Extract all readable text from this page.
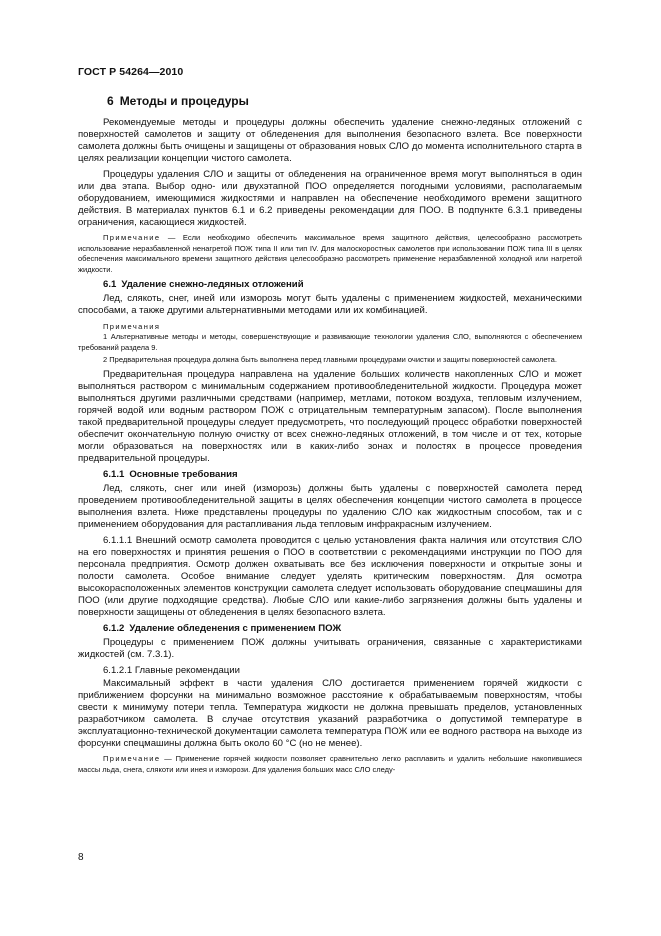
ГОСТ Р 54264—2010
6 Методы и процедуры

Рекомендуемые методы и процедуры должны обеспечить удаление снежно-ледяных отложений с поверхностей самолетов и защиту от обледенения для выполнения безопасного взлета. Все поверхности самолета должны быть очищены и защищены от образования новых СЛО до момента исполнительного старта в целях реализации концепции чистого самолета.

Процедуры удаления СЛО и защиты от обледенения на ограниченное время могут выполняться в один или два этапа. Выбор одно- или двухэтапной ПОО определяется погодными условиями, располагаемым оборудованием, имеющимися жидкостями и направлен на обеспечение необходимого времени защитного действия. В материалах пунктов 6.1 и 6.2 приведены рекомендации для ПОО. В подпункте 6.3.1 приведены ограничения, касающиеся жидкостей.

Примечание — Если необходимо обеспечить максимальное время защитного действия, целесообразно рассмотреть использование неразбавленной ненагретой ПОЖ типа II или тип IV. Для малоскоростных самолетов при использовании ПОЖ типа III в целях обеспечения максимального времени защитного действия целесообразно рассмотреть применение неразбавленной холодной или нагретой жидкости.

6.1 Удаление снежно-ледяных отложений

Лед, слякоть, снег, иней или изморозь могут быть удалены с применением жидкостей, механическими способами, а также другими альтернативными методами или их комбинацией.

Примечания

1 Альтернативные методы и методы, совершенствующие и развивающие технологии удаления СЛО, выполняются с обеспечением требований раздела 9.

2 Предварительная процедура должна быть выполнена перед главными процедурами очистки и защиты поверхностей самолета.

Предварительная процедура направлена на удаление больших количеств накопленных СЛО и может выполняться раствором с минимальным содержанием противообледенительной жидкости. Процедура может выполняться другими различными средствами (например, метлами, потоком воздуха, тепловым излучением, горячей водой или водным раствором ПОЖ с отрицательным температурным запасом). После выполнения такой предварительной процедуры следует предусмотреть, что последующий процесс обработки поверхностей обеспечит окончательную полную очистку от всех снежно-ледяных отложений, в том числе и от тех, которые могли образоваться на поверхностях или в каких-либо зонах и полостях в процессе проведения предварительной процедуры.

6.1.1 Основные требования

Лед, слякоть, снег или иней (изморозь) должны быть удалены с поверхностей самолета перед проведением противообледенительной защиты в целях обеспечения концепции чистого самолета в процессе выполнения взлета. Ниже представлены процедуры по удалению СЛО как жидкостным способом, так и с применением оборудования для растапливания льда тепловым инфракрасным излучением.

6.1.1.1 Внешний осмотр самолета проводится с целью установления факта наличия или отсутствия СЛО на его поверхностях и принятия решения о ПОО в соответствии с рекомендациями инструкции по ПОО для персонала предприятия. Осмотр должен охватывать все без исключения поверхности и открытые зоны и полости самолета. Особое внимание следует уделять критическим поверхностям. Для осмотра высокорасположенных элементов конструкции самолета следует использовать оборудование спецмашины для ПОО (или другие подходящие средства). Любые СЛО или какие-либо загрязнения должны быть удалены и поверхности защищены от обледенения в целях безопасного взлета.

6.1.2 Удаление обледенения с применением ПОЖ

Процедуры с применением ПОЖ должны учитывать ограничения, связанные с характеристиками жидкостей (см. 7.3.1).

6.1.2.1 Главные рекомендации

Максимальный эффект в части удаления СЛО достигается применением горячей жидкости с приближением форсунки на минимально возможное расстояние к обрабатываемым поверхностям, чтобы свести к минимуму потери тепла. Температура жидкости не должна превышать пределов, установленных разработчиком самолета. В случае отсутствия указаний разработчика о допустимой температуре в эксплуатационно-технической документации самолета температура ПОЖ или ее водного раствора на выходе из форсунки спецмашины должна быть около 60 °С (но не менее).

Примечание — Применение горячей жидкости позволяет сравнительно легко расплавить и удалить небольшие накопившиеся массы льда, снега, слякоти или инея и изморози. Для удаления больших масс СЛО следу-

8
